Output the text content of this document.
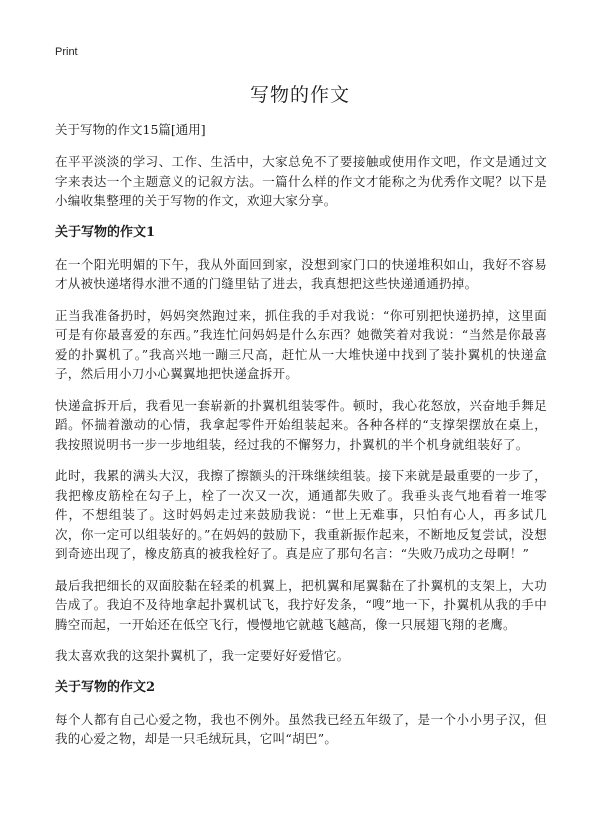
Print
写物的作文

关于写物的作文15篇[通用]

在平平淡淡的学习、工作、生活中，大家总免不了要接触或使用作文吧，作文是通过文字来表达一个主题意义的记叙方法。一篇什么样的作文才能称之为优秀作文呢？以下是小编收集整理的关于写物的作文，欢迎大家分享。

关于写物的作文1

在一个阳光明媚的下午，我从外面回到家，没想到家门口的快递堆积如山，我好不容易才从被快递堵得水泄不通的门缝里钻了进去，我真想把这些快递通通扔掉。

正当我准备扔时，妈妈突然跑过来，抓住我的手对我说：“你可别把快递扔掉，这里面可是有你最喜爱的东西。”我连忙问妈妈是什么东西？她微笑着对我说：“当然是你最喜爱的扑翼机了。”我高兴地一蹦三尺高，赶忙从一大堆快递中找到了装扑翼机的快递盒子，然后用小刀小心翼翼地把快递盒拆开。

快递盒拆开后，我看见一套崭新的扑翼机组装零件。顿时，我心花怒放，兴奋地手舞足蹈。怀揣着激动的心情，我拿起零件开始组装起来。各种各样的“支撑架摆放在桌上，我按照说明书一步一步地组装，经过我的不懈努力，扑翼机的半个机身就组装好了。

此时，我累的满头大汉，我擦了擦额头的汗珠继续组装。接下来就是最重要的一步了，我把橡皮筋栓在勾子上，栓了一次又一次，通通都失败了。我垂头丧气地看着一堆零件，不想组装了。这时妈妈走过来鼓励我说：“世上无难事，只怕有心人，再多试几次，你一定可以组装好的。”在妈妈的鼓励下，我重新振作起来，不断地反复尝试，没想到奇迹出现了，橡皮筋真的被我栓好了。真是应了那句名言：“失败乃成功之母啊！”

最后我把细长的双面胶黏在轻柔的机翼上，把机翼和尾翼黏在了扑翼机的支架上，大功告成了。我迫不及待地拿起扑翼机试飞，我拧好发条，“嗖”地一下，扑翼机从我的手中腾空而起，一开始还在低空飞行，慢慢地它就越飞越高，像一只展翅飞翔的老鹰。

我太喜欢我的这架扑翼机了，我一定要好好爱惜它。

关于写物的作文2

每个人都有自己心爱之物，我也不例外。虽然我已经五年级了，是一个小小男子汉，但我的心爱之物，却是一只毛绒玩具，它叫“胡巴”。
